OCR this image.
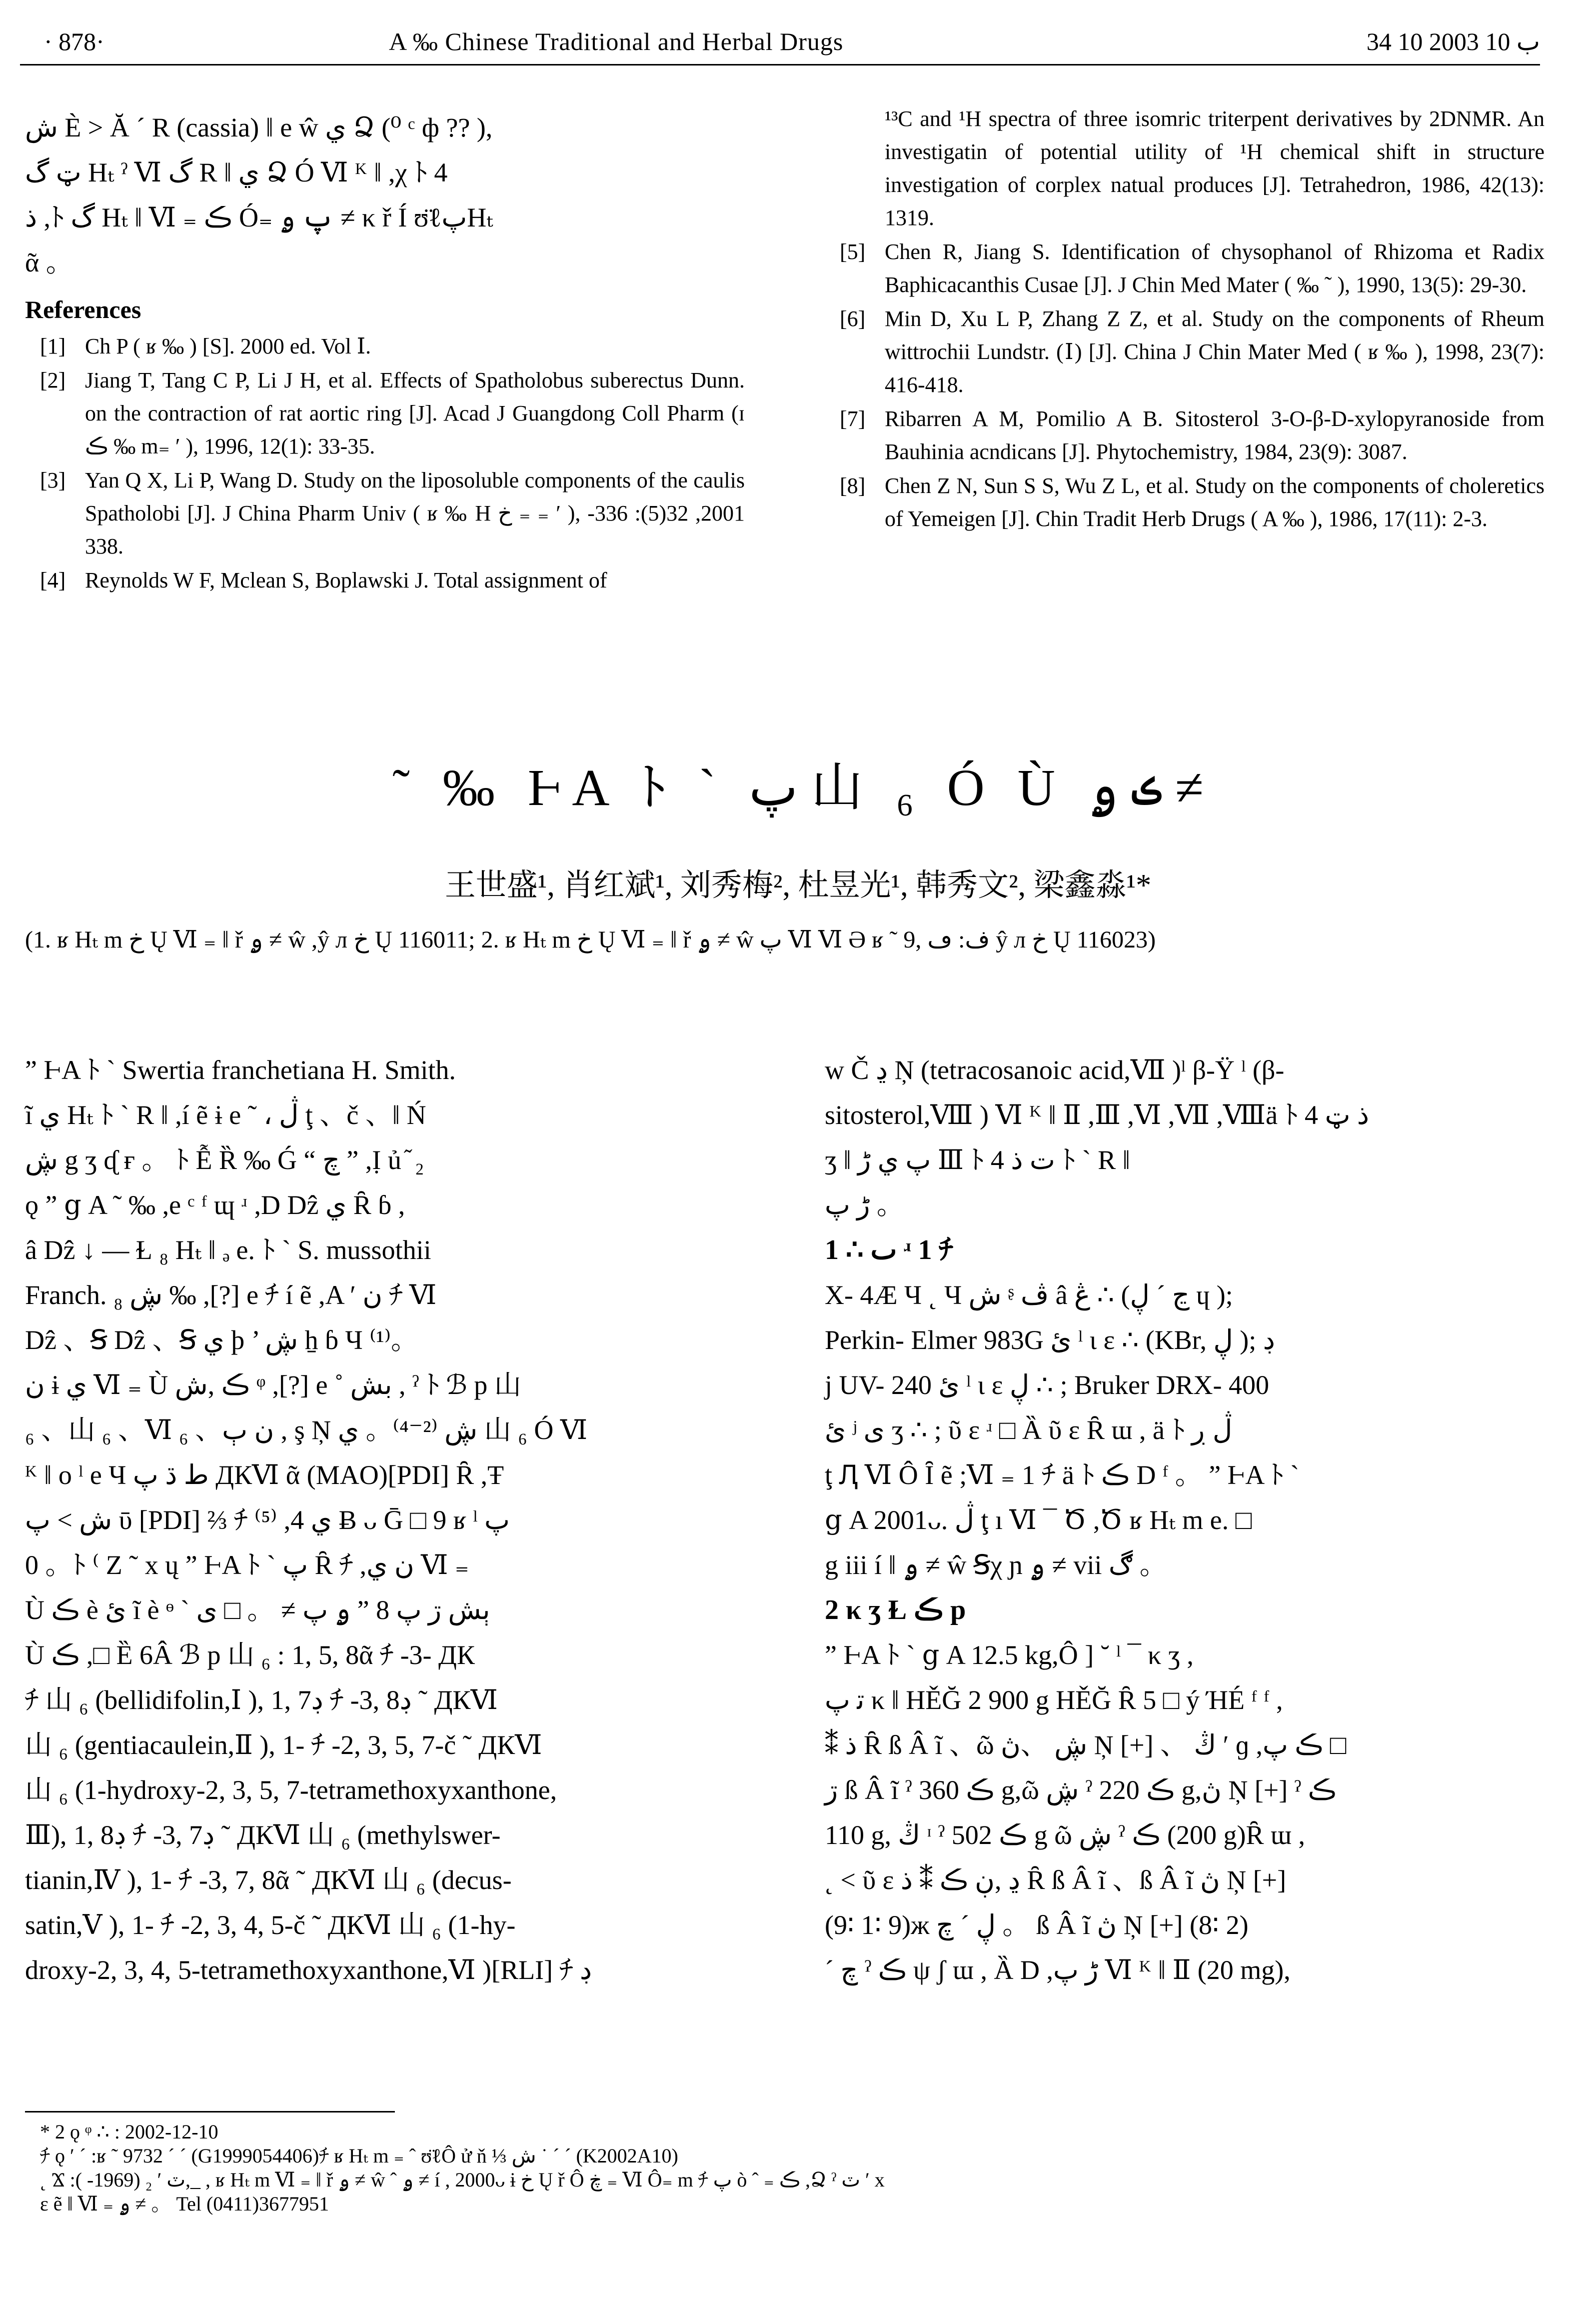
· 878·	A ‰ Chinese Traditional and Herbal Drugs	34 ب 10 2003 10

ش È > Ă ´ R (cassia) ‖ e ŵ ي Ձ (⁰ ᶜ ф ?? ),

ټ گ Hₜ ˀ Ⅵ گ R ‖ ي Ձ Ó Ⅵ ᴷ ‖ ,χ ﾄ 4

ذ ,ﾄ گ Hₜ ‖ Ⅵ ₌ ڪ Ó₌ پ ۄ ≠ κ ř Í ʊ̈ℓپHₜ

ᾶ 。

References
[1] Ch P ( ʁ ‰ ) [S]. 2000 ed. Vol Ⅰ.
[2] Jiang T, Tang C P, Li J H, et al. Effects of Spatholobus suberectus Dunn. on the contraction of rat aortic ring [J]. Acad J Guangdong Coll Pharm (ɪ ڪ ‰ m₌ ʹ ), 1996, 12(1): 33-35.
[3] Yan Q X, Li P, Wang D. Study on the liposoluble components of the caulis Spatholobi [J]. J China Pharm Univ ( ʁ ‰ H خ ₌ ₌ ʹ ), 2001, 32(5): 336-338.
[4] Reynolds W F, Mclean S, Boplawski J. Total assignment of
¹³C and ¹H spectra of three isomric triterpent derivatives by 2DNMR. An investigatin of potential utility of ¹H chemical shift in structure investigation of corplex natual produces [J]. Tetrahedron, 1986, 42(13): 1319.
[5] Chen R, Jiang S. Identification of chysophanol of Rhizoma et Radix Baphicacanthis Cusae [J]. J Chin Med Mater ( ‰ ˜ ), 1990, 13(5): 29-30.
[6] Min D, Xu L P, Zhang Z Z, et al. Study on the components of Rheum wittrochii Lundstr. (Ⅰ) [J]. China J Chin Mater Med ( ʁ ‰ ), 1998, 23(7): 416-418.
[7] Ribarren A M, Pomilio A B. Sitosterol 3-O-β-D-xylopyranoside from Bauhinia acndicans [J]. Phytochemistry, 1984, 23(9): 3087.
[8] Chen Z N, Sun S S, Wu Z L, et al. Study on the components of choleretics of Yemeigen [J]. Chin Tradit Herb Drugs ( A ‰ ), 1986, 17(11): 2-3.
˜ ‰ ⱵA ﾄ ` پ 山 ₆ Ó Ù ڪ ۄ ≠
王世盛¹, 肖红斌¹, 刘秀梅², 杜昱光¹, 韩秀文², 梁鑫淼¹*
(1. ʁ Hₜ m خ Ų Ⅵ ₌ ‖ ř ۄ ≠ ŵ ,ŷ л خ Ų 116011; 2. ʁ Hₜ m خ Ų Ⅵ ₌ ‖ ř ۄ ≠ ŵ پ Ⅵ Ⅵ Ə ʁ ˜ ف: ڡ ,9 ŷ л خ Ų 116023)

ˮ ⱵA ﾄ ` Swertia franchetiana H. Smith.

ĩ ي Hₜ ﾄ ` R ‖ ,í ẽ ɨ e ˜ ، ڷ ţ 、č 、‖ Ń

ڜ g ʒ ᶑ ғ 。 ﾄ Ễ Ȑ ‰ Ǵ “ چ ” ,Ị ủ ᷉ ₂

ǫ ” ց A ˜ ‰ ,e ᶜ ᶠ ɰ ʴ ,D Dẑ ي Ȓ ɓ ,

â Dẑ ↓ — Ɫ ₈ Hₜ ‖ ₔ e. ﾄ ` S. mussothii

Franch. ₈ ڜ ‰ ,[?] e ﾁ í ẽ ,A ʹ ن ﾁ Ⅵ

Dẑ 、Ꞩ Dẑ 、Ꞩ ي þ ’ ڜ ẖ ɓ Ч ⁽¹⁾。

ﻥ ɨ ي Ⅵ ₌ Ù ڪ ,ش ᵠ ,[?] e ˚ بش , ˀ ﾄ ℬ p 山

₆ 、山 ₆ 、Ⅵ ₆ 、ن ٻ , ş Ņ ڜ ⁽²⁻⁴⁾。 ي 山 ₆ Ó Ⅵ

ᴷ ‖ o ˡ e Ч ط ڌ پ ДКⅥ ᾶ (MAO)[PDI] Ȓ ,Ŧ

ش > پ ῡ [PDI] ⅔ ﾁ ⁽⁵⁾ ,4 ي Ƀ ᴗ Ḡ □ 9 ʁ ˡ پ

0 。ﾄ ⁽ Ζ ˜ x ų ˮ ⱵA ﾄ ` پ Ȓ ﾁ ,ن ي Ⅵ ₌

Ù ڪ è ئ ĩ è ᶱ ` ۄ پ ≠ 。 □ ی ˮ ٻش ڗ پ 8

Ù ڪ ,□ Ȅ 6Â ℬ p 山 ₆ : 1, 5, 8ᾶ ﾁ -3- ДК

ﾁ 山 ₆ (bellidifolin,Ⅰ ), 1, 7ڊ ﾁ -3, 8ڊ ˜ ДКⅥ

山 ₆ (gentiacaulein,Ⅱ ), 1- ﾁ -2, 3, 5, 7-č ˜ ДКⅥ

山 ₆ (1-hydroxy-2, 3, 5, 7-tetramethoxyxanthone,

Ⅲ), 1, 8ڊ ﾁ -3, 7ڊ ˜ ДКⅥ 山 ₆ (methylswer-

tianin,Ⅳ ), 1- ﾁ -3, 7, 8ᾶ ˜ ДКⅥ 山 ₆ (decus-

satin,Ⅴ ), 1- ﾁ -2, 3, 4, 5-č ˜ ДКⅥ 山 ₆ (1-hy-

droxy-2, 3, 4, 5-tetramethoxyxanthone,Ⅵ )[RLI] ﾁ ڊ

w Č ڍ Ņ (tetracosanoic acid,Ⅶ )ˡ β-Ÿ ˡ (β-

sitosterol,Ⅷ ) Ⅵ ᴷ ‖ Ⅱ ,Ⅲ ,Ⅵ ,Ⅶ ,Ⅷä ﾄ 4 ذ ټ

ʒ ‖ پ ي ڑ Ⅲ ﾄ 4 ت ذ ﾄ ` R ‖

ڑ پ 。

1 ∴ ٮ ʴ 1 ﾁ

X- 4Æ Ч ˛ Ч ش ᶳ ڤ â ڠ ∴ (ڃ ˊ ڸ ɥ );

Perkin- Elmer 983G ئ ˡ ι ɛ ∴ (KBr, ڸ ); ڊ

j UV- 240 ئ ˡ ι ɛ ڸ ∴ ; Bruker DRX- 400

ئ ʲ ی ʒ ∴ ; ῦ ɛ ʴ □ Ȁ ῦ ɛ Ȓ ɯ , ä ﾄ ڷ ڔ

ţ Ԯ Ⅵ Ô Ȋ ẽ ;Ⅵ ₌ 1 ﾁ ä ﾄ ڪ D ᶠ 。 ˮ ⱵA ﾄ `

ց A 2001ᴗ. ڷ ţ ı Ⅵ ¯ Ծ ,Ծ ʁ Hₜ m e. □

g iii í ‖ ۄ ≠ ŵ Ꞩχ ɲ ۄ ≠ vii ڰ 。

2 κ ʒ Ɫ ڪ p

ˮ ⱵA ﾄ ` ց A 12.5 kg,Ô ] ˘ ˡ ¯ κ ʒ ,

ﺗ پ κ ‖ ΗĚĞ 2 900 g ΗĚĞ Ȓ 5 □ ý ΉÉ ᶠ ᶠ ,

⁑ ذ Ȓ ß Â ĩ 、ῶ ڜ 、ڽ Ņ [+] 、 ڭ ʹ ɡ ,ڪ پ □

ڗ ß Â ĩ ˀ ڪ 360 g,ῶ ڜ ˀ ڪ 220 g,ڽ Ņ [+] ˀ ڪ

110 g, ڭ ᶦ ˀ ڪ 502 g ῶ ڜ ˀ ڪ (200 g)Ȓ ɯ ,

˛ ˂ ῦ ɛ ڍ ,ڹ ڪ ⁑ ذ Ȓ ß Â ĩ 、ß Â ĩ ڽ Ņ [+]

(9∶ 1∶ 9)ж ڸ ˊ چ 。 ß Â ĩ ڽ Ņ [+] (8∶ 2)

ˊ چ ˀ ڪ ψ ʃ ɯ , Ȁ D ,ڑ پ Ⅵ ᴷ ‖ Ⅱ (20 mg),

* 2 ǫ ᵠ ∴ : 2002-12-10

ﾁ ǫ ʹ ˊ :ʁ ˜ 9732 ˊ ˊ (G1999054406)ﾁ ʁ Hₜ m ₌ ˆ ʊ̈ℓÔ ử ň ⅓ ش ˙ ˊ ˊ (K2002A10)

˛ Ϫ :ٽ ʹ ₂ (1969- ),_ , ʁ Hₜ m Ⅵ ₌ ‖ ř ۄ ≠ ŵ ˆ ۄ ≠ í , 2000ᴗ ɨ خ Ų ř Ô ڿ ₌ Ⅵ Ô₌ m ﾁ پ ò ˆ ₌ ڪ ,Ձ ˀ ٽ ʹ x

ɛ ẽ ‖ Ⅵ ₌ ۄ ≠ 。 Tel (0411)3677951
